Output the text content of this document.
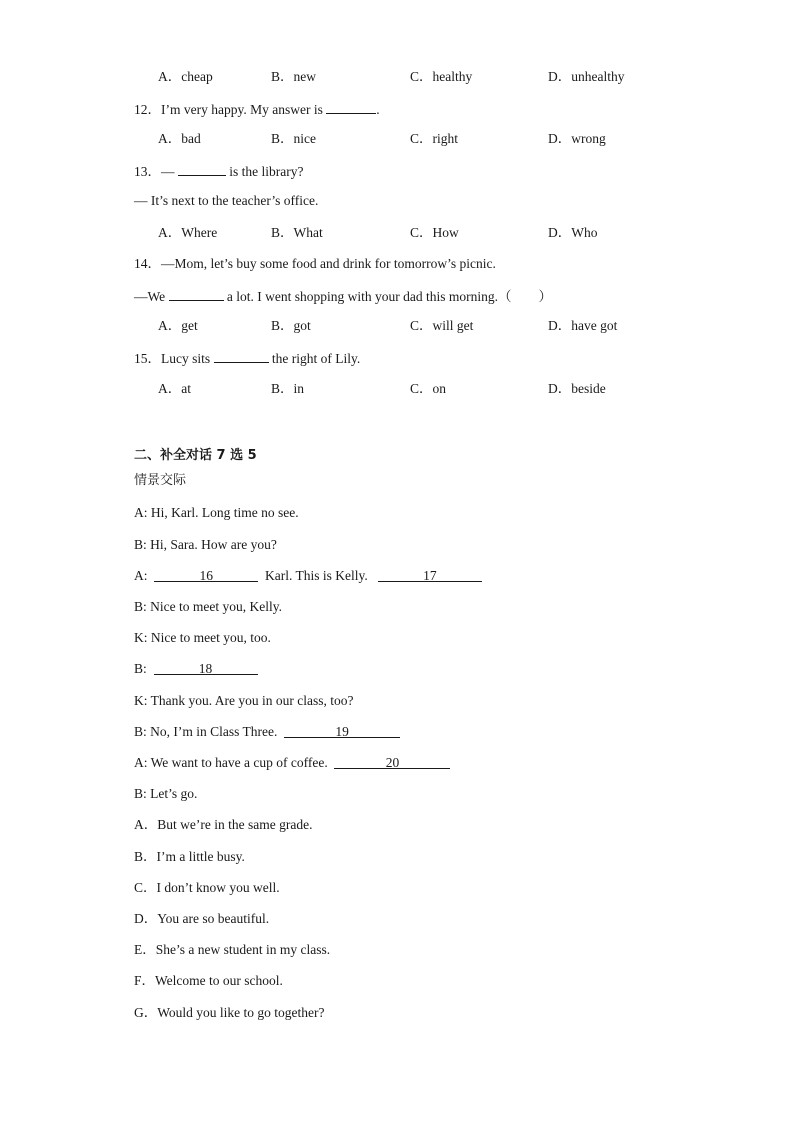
A．cheap	B．new	C．healthy	D．unhealthy
12．I’m very happy. My answer is	.
A．bad	B．nice	C．right	D．wrong
13．—	is the library?
— It’s next to the teacher’s office.
A．Where	B．What	C．How	D．Who
14．—Mom, let’s buy some food and drink for tomorrow’s picnic.
—We	a lot. I went shopping with your dad this morning.（　　）
A．get	B．got	C．will get	D．have got
15．Lucy sits	the right of Lily.
A．at	B．in	C．on	D．beside
二、补全对话 7 选 5
情景交际
A: Hi, Karl. Long time no see.
B: Hi, Sara. How are you?
A:	16	Karl. This is Kelly.	17
B: Nice to meet you, Kelly.
K: Nice to meet you, too.
B:	18
K: Thank you. Are you in our class, too?
B: No, I’m in Class Three.	19
A: We want to have a cup of coffee.	20
B: Let’s go.
A．But we’re in the same grade.
B．I’m a little busy.
C．I don’t know you well.
D．You are so beautiful.
E．She’s a new student in my class.
F．Welcome to our school.
G．Would you like to go together?
